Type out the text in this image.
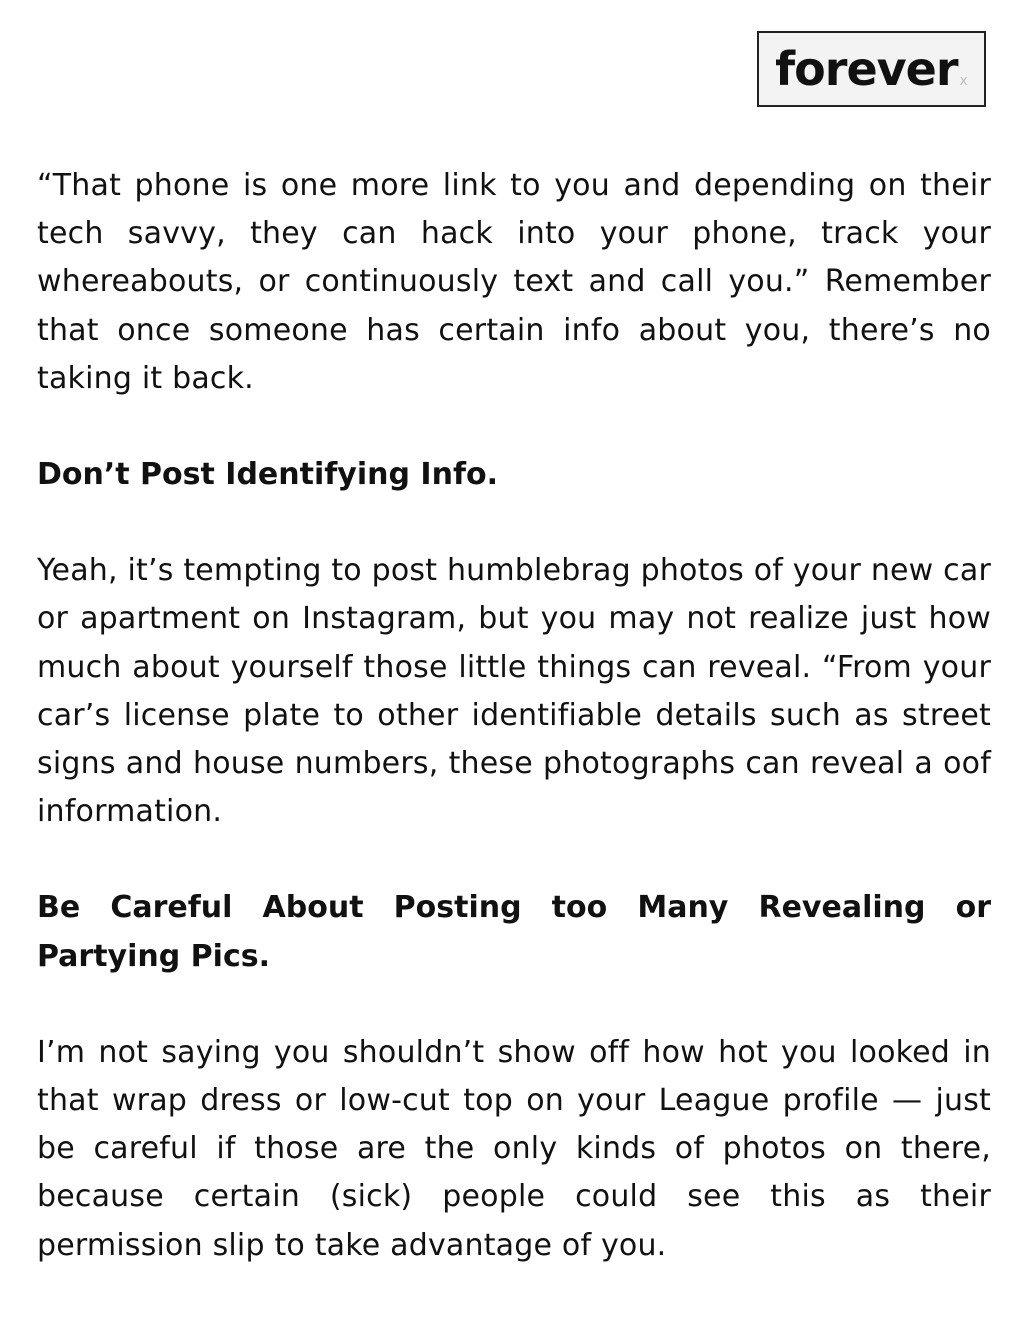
forever x

“That phone is one more link to you and depending on their tech savvy, they can hack into your phone, track your whereabouts, or continuously text and call you.” Remember that once someone has certain info about you, there’s no taking it back.

Don’t Post Identifying Info.

Yeah, it’s tempting to post humblebrag photos of your new car or apartment on Instagram, but you may not realize just how much about yourself those little things can reveal. “From your car’s license plate to other identifiable details such as street signs and house numbers, these photographs can reveal a oof information.

Be Careful About Posting too Many Revealing or Partying Pics.

I’m not saying you shouldn’t show off how hot you looked in that wrap dress or low-cut top on your League profile — just be careful if those are the only kinds of photos on there, because certain (sick) people could see this as their permission slip to take advantage of you.
